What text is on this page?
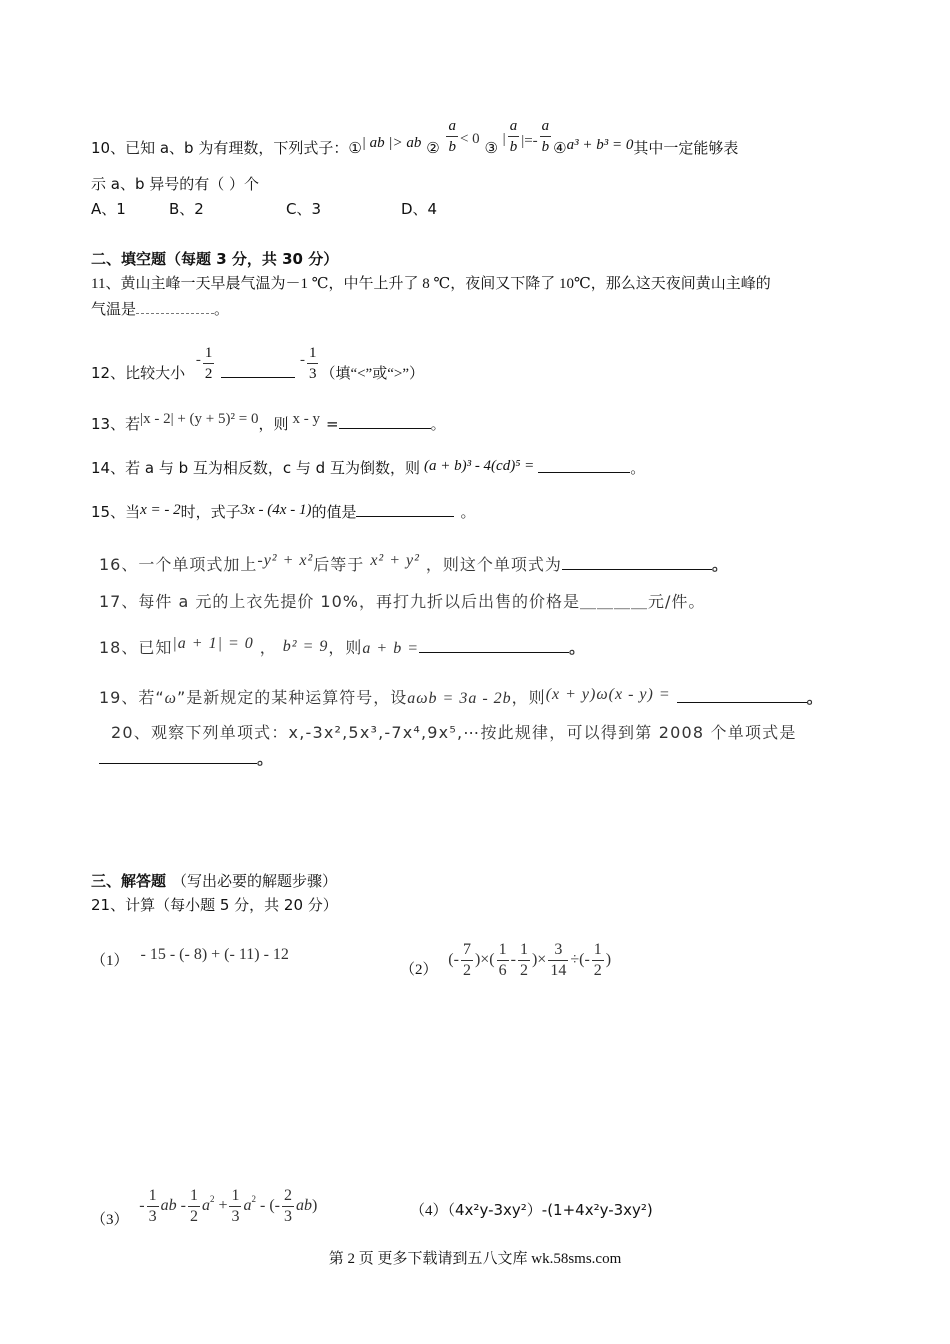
10、已知 a、b 为有理数，下列式子：①| ab |> ab ② $\frac{a}{b} < 0$ ③ | $\frac{a}{b}$ |=- $\frac{a}{b}$ ④a³ + b³ = 0其中一定能够表
示 a、b 异号的有（ ）个
A、1	B、2	C、3	D、4
二、填空题（每题 3 分，共 30 分）
11、黄山主峰一天早晨气温为－1 ℃，中午上升了 8 ℃，夜间又下降了 10℃，那么这天夜间黄山主峰的
气温是	。
12、比较大小 - $\frac{1}{2}$	- $\frac{1}{3}$ （填“<”或“>”）
13、若|x - 2| + (y + 5)² = 0，则 x - y =	。
14、若 a 与 b 互为相反数，c 与 d 互为倒数，则 (a + b)³ - 4(cd)⁵ =	。
15、当x = - 2时，式子3x - (4x - 1)的值是	。
16、一个单项式加上-y² + x²后等于 x² + y² ，则这个单项式为	。
17、每件 a 元的上衣先提价 10%，再打九折以后出售的价格是＿＿＿＿元/件。
18、已知|a + 1| = 0 ， b² = 9，则a + b =	。
19、若“ω”是新规定的某种运算符号，设aωb = 3a - 2b，则(x + y)ω(x - y) =	。
20、观察下列单项式：x,-3x²,5x³,-7x⁴,9x⁵,⋯按此规律，可以得到第 2008 个单项式是
。
三、解答题 （写出必要的解题步骤）
21、计算（每小题 5 分，共 20 分）
（1） - 15 - (- 8) + (- 11) - 12
（2） (- $\frac{7}{2}$ )×( $\frac{1}{6} - \frac{1}{2}$ )× $\frac{3}{14}$ ÷(- $\frac{1}{2}$ )
$(3) - \frac{1}{3}$ ab - $\frac{1}{2} a^2 + \frac{1}{3} a^2$ - (- $\frac{2}{3} ab$)	（4）（4x²y-3xy²）-(1+4x²y-3xy²)
第 2 页 更多下载请到五八文库 wk.58sms.com
